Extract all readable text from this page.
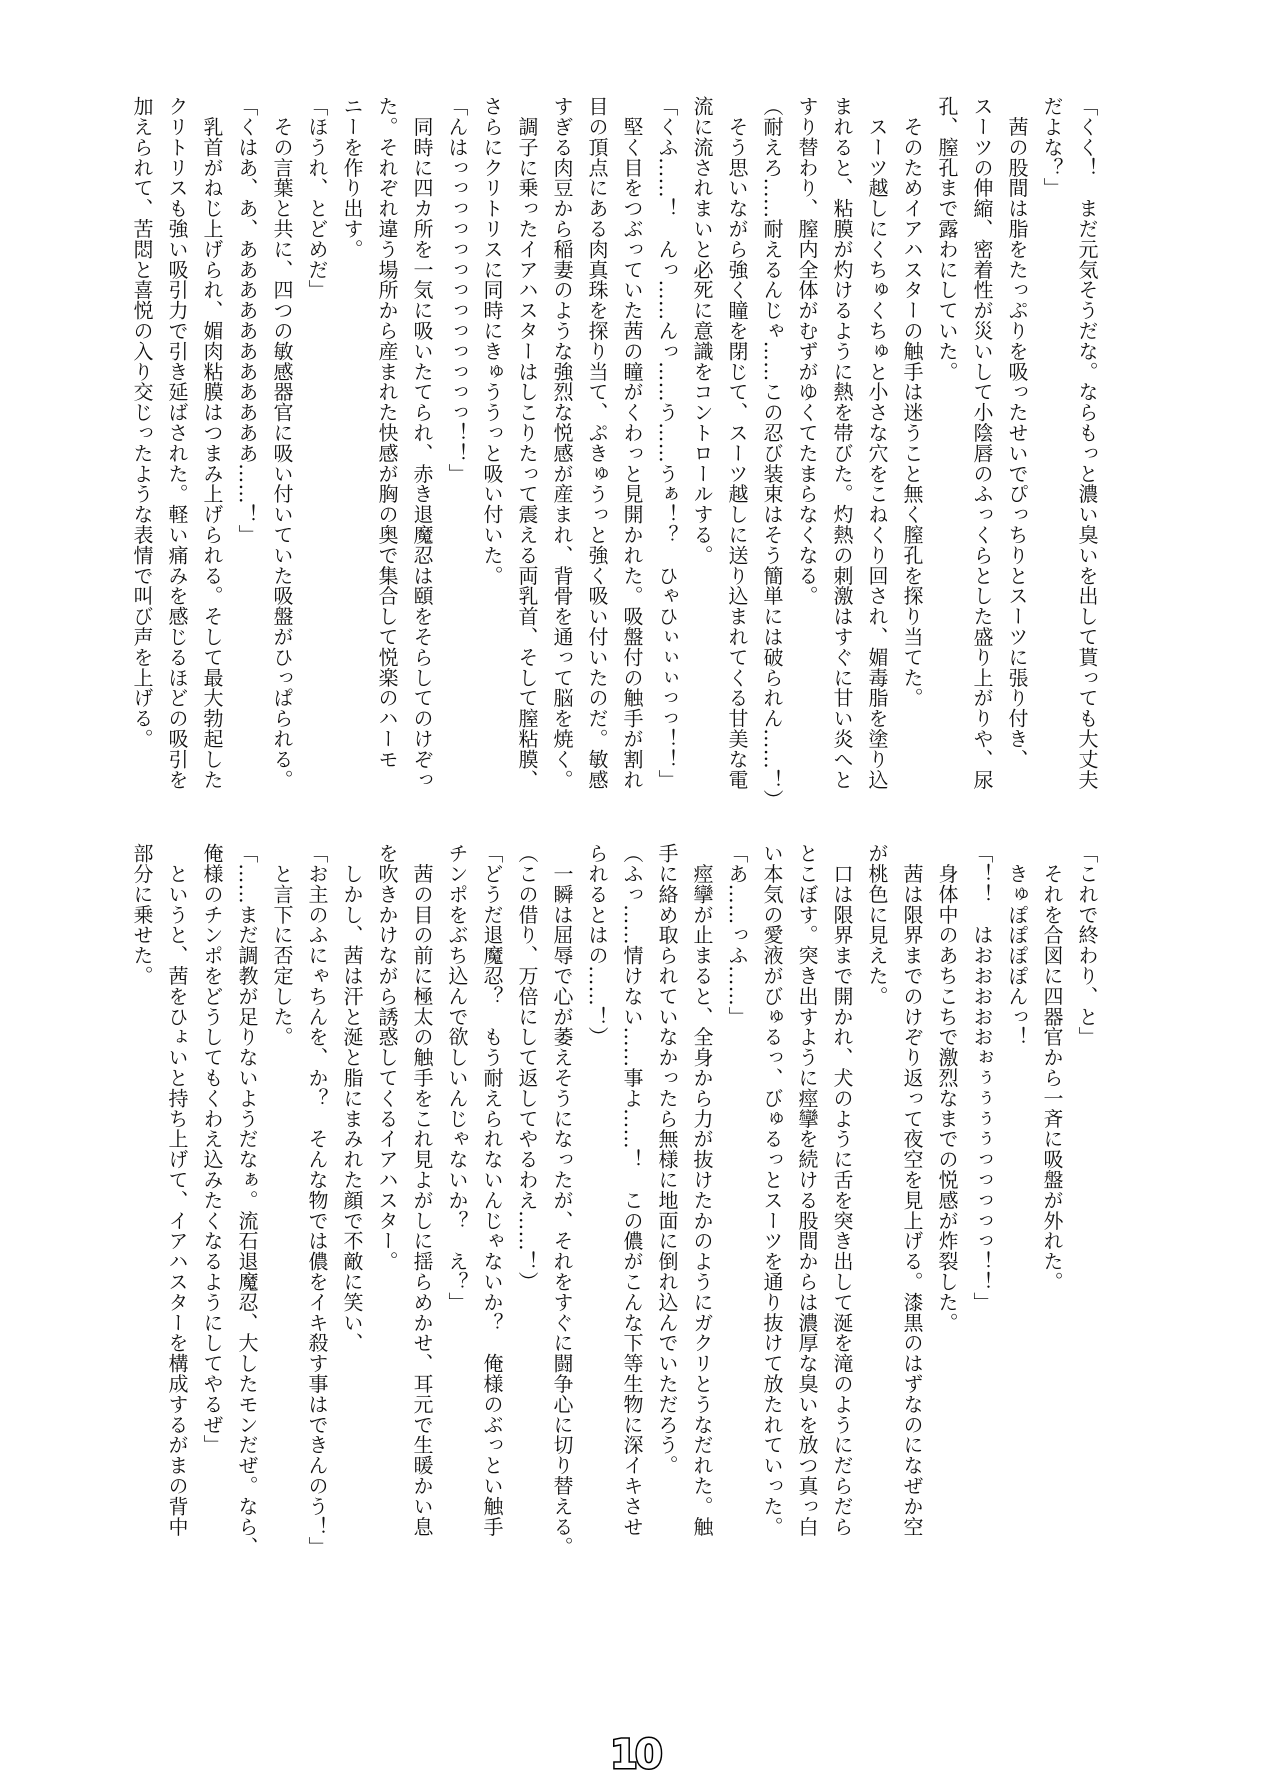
「くく！　まだ元気そうだな。ならもっと濃い臭いを出して貰っても大丈夫
だよな？」
　茜の股間は脂をたっぷりを吸ったせいでぴっちりとスーツに張り付き、
スーツの伸縮、密着性が災いして小陰唇のふっくらとした盛り上がりや、尿
孔、膣孔まで露わにしていた。
　そのためイアハスターの触手は迷うこと無く膣孔を探り当てた。
　スーツ越しにくちゅくちゅと小さな穴をこねくり回され、媚毒脂を塗り込
まれると、粘膜が灼けるように熱を帯びた。灼熱の刺激はすぐに甘い炎へと
すり替わり、膣内全体がむずがゆくてたまらなくなる。
（耐えろ……耐えるんじゃ……この忍び装束はそう簡単には破られん……！）
　そう思いながら強く瞳を閉じて、スーツ越しに送り込まれてくる甘美な電
流に流されまいと必死に意識をコントロールする。
「くふ……！　んっ……んっ……う……うぁ！？　ひゃひぃぃぃっっ！！」
　堅く目をつぶっていた茜の瞳がくわっと見開かれた。吸盤付の触手が割れ
目の頂点にある肉真珠を探り当て、ぷきゅうっと強く吸い付いたのだ。敏感
すぎる肉豆から稲妻のような強烈な悦感が産まれ、背骨を通って脳を焼く。
　調子に乗ったイアハスターはしこりたって震える両乳首、そして膣粘膜、
さらにクリトリスに同時にきゅううっと吸い付いた。
「んはっっっっっっっっっっっっっ！！」
　同時に四カ所を一気に吸いたてられ、赤き退魔忍は頤をそらしてのけぞっ
た。それぞれ違う場所から産まれた快感が胸の奥で集合して悦楽のハーモ
ニーを作り出す。
「ほうれ、とどめだ」
　その言葉と共に、四つの敏感器官に吸い付いていた吸盤がひっぱられる。
「くはあ、あ、あああああああああああ……！」
　乳首がねじ上げられ、媚肉粘膜はつまみ上げられる。そして最大勃起した
クリトリスも強い吸引力で引き延ばされた。軽い痛みを感じるほどの吸引を
加えられて、苦悶と喜悦の入り交じったような表情で叫び声を上げる。
「これで終わり、と」
　それを合図に四器官から一斉に吸盤が外れた。
　きゅぽぽぽぽんっ！
「！！　はおおおおおぉぅぅぅぅっっっっっ！！」
　身体中のあちこちで激烈なまでの悦感が炸裂した。
　茜は限界までのけぞり返って夜空を見上げる。漆黒のはずなのになぜか空
が桃色に見えた。
　口は限界まで開かれ、犬のように舌を突き出して涎を滝のようにだらだら
とこぼす。突き出すように痙攣を続ける股間からは濃厚な臭いを放つ真っ白
い本気の愛液がびゅるっ、びゅるっとスーツを通り抜けて放たれていった。
「あ……っふ……」
　痙攣が止まると、全身から力が抜けたかのようにガクリとうなだれた。触
手に絡め取られていなかったら無様に地面に倒れ込んでいただろう。
（ふっ……情けない……事よ……！　この儂がこんな下等生物に深イキさせ
られるとはの……！）
　一瞬は屈辱で心が萎えそうになったが、それをすぐに闘争心に切り替える。
（この借り、万倍にして返してやるわえ……！）
「どうだ退魔忍？　もう耐えられないんじゃないか？　俺様のぶっとい触手
チンポをぶち込んで欲しいんじゃないか？　え？」
　茜の目の前に極太の触手をこれ見よがしに揺らめかせ、耳元で生暖かい息
を吹きかけながら誘惑してくるイアハスター。
　しかし、茜は汗と涎と脂にまみれた顔で不敵に笑い、
「お主のふにゃちんを、か？　そんな物では儂をイキ殺す事はできんのう！」
　と言下に否定した。
「……まだ調教が足りないようだなぁ。流石退魔忍、大したモンだぜ。なら、
俺様のチンポをどうしてもくわえ込みたくなるようにしてやるぜ」
　というと、茜をひょいと持ち上げて、イアハスターを構成するがまの背中
部分に乗せた。
10
